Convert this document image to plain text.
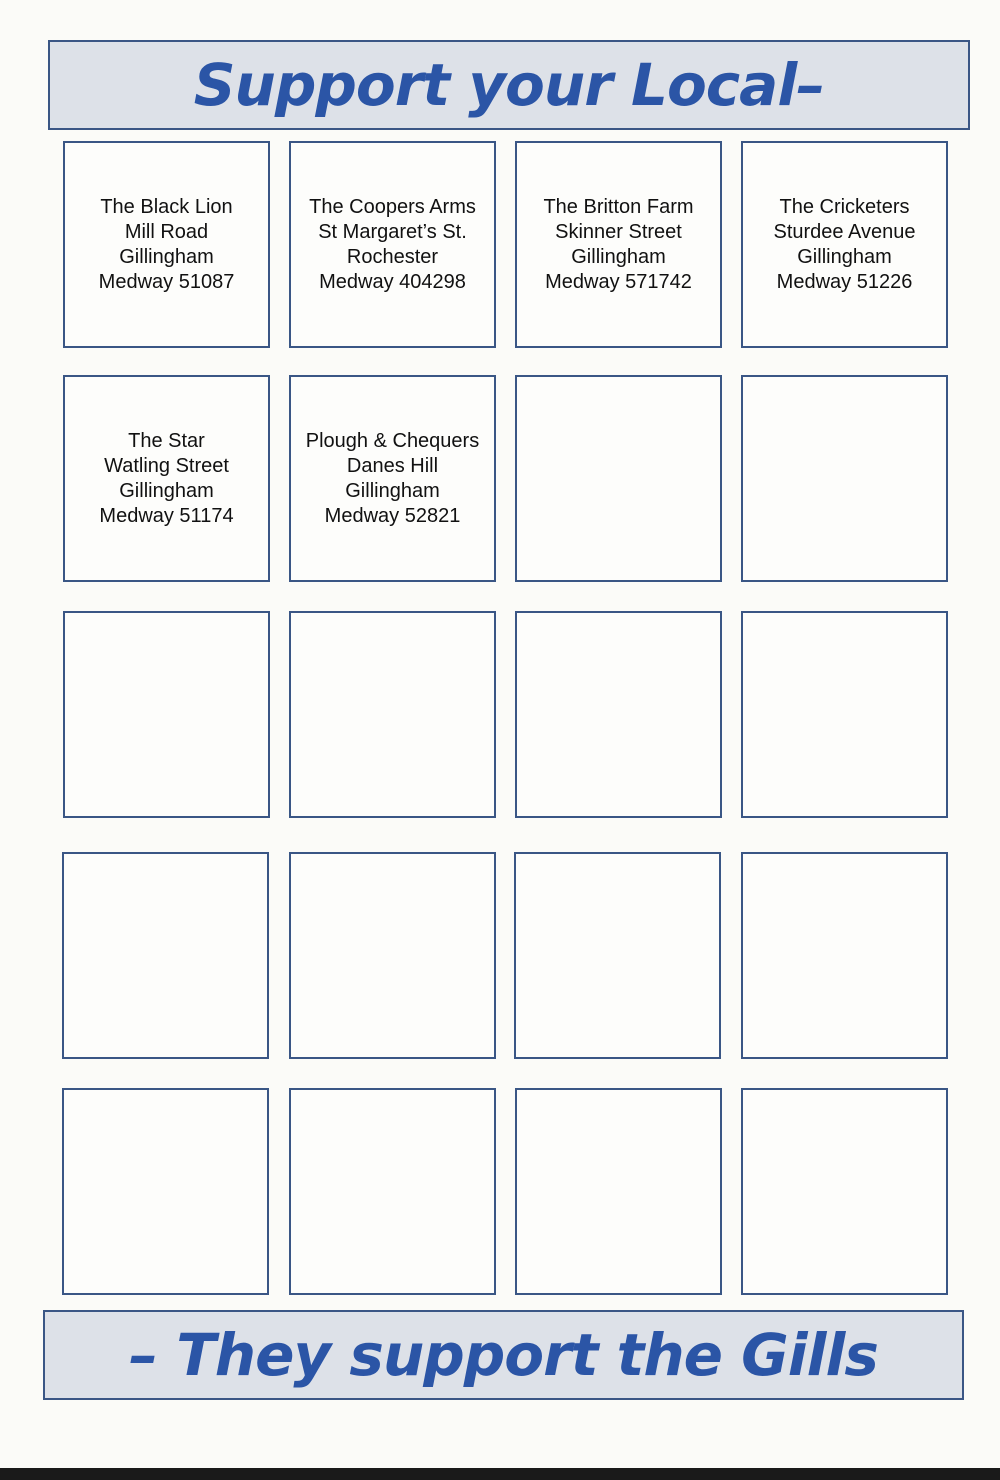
Support your Local–
The Black Lion
Mill Road
Gillingham
Medway 51087
The Coopers Arms
St Margaret’s St.
Rochester
Medway 404298
The Britton Farm
Skinner Street
Gillingham
Medway 571742
The Cricketers
Sturdee Avenue
Gillingham
Medway 51226
The Star
Watling Street
Gillingham
Medway 51174
Plough & Chequers
Danes Hill
Gillingham
Medway 52821
– They support the Gills
